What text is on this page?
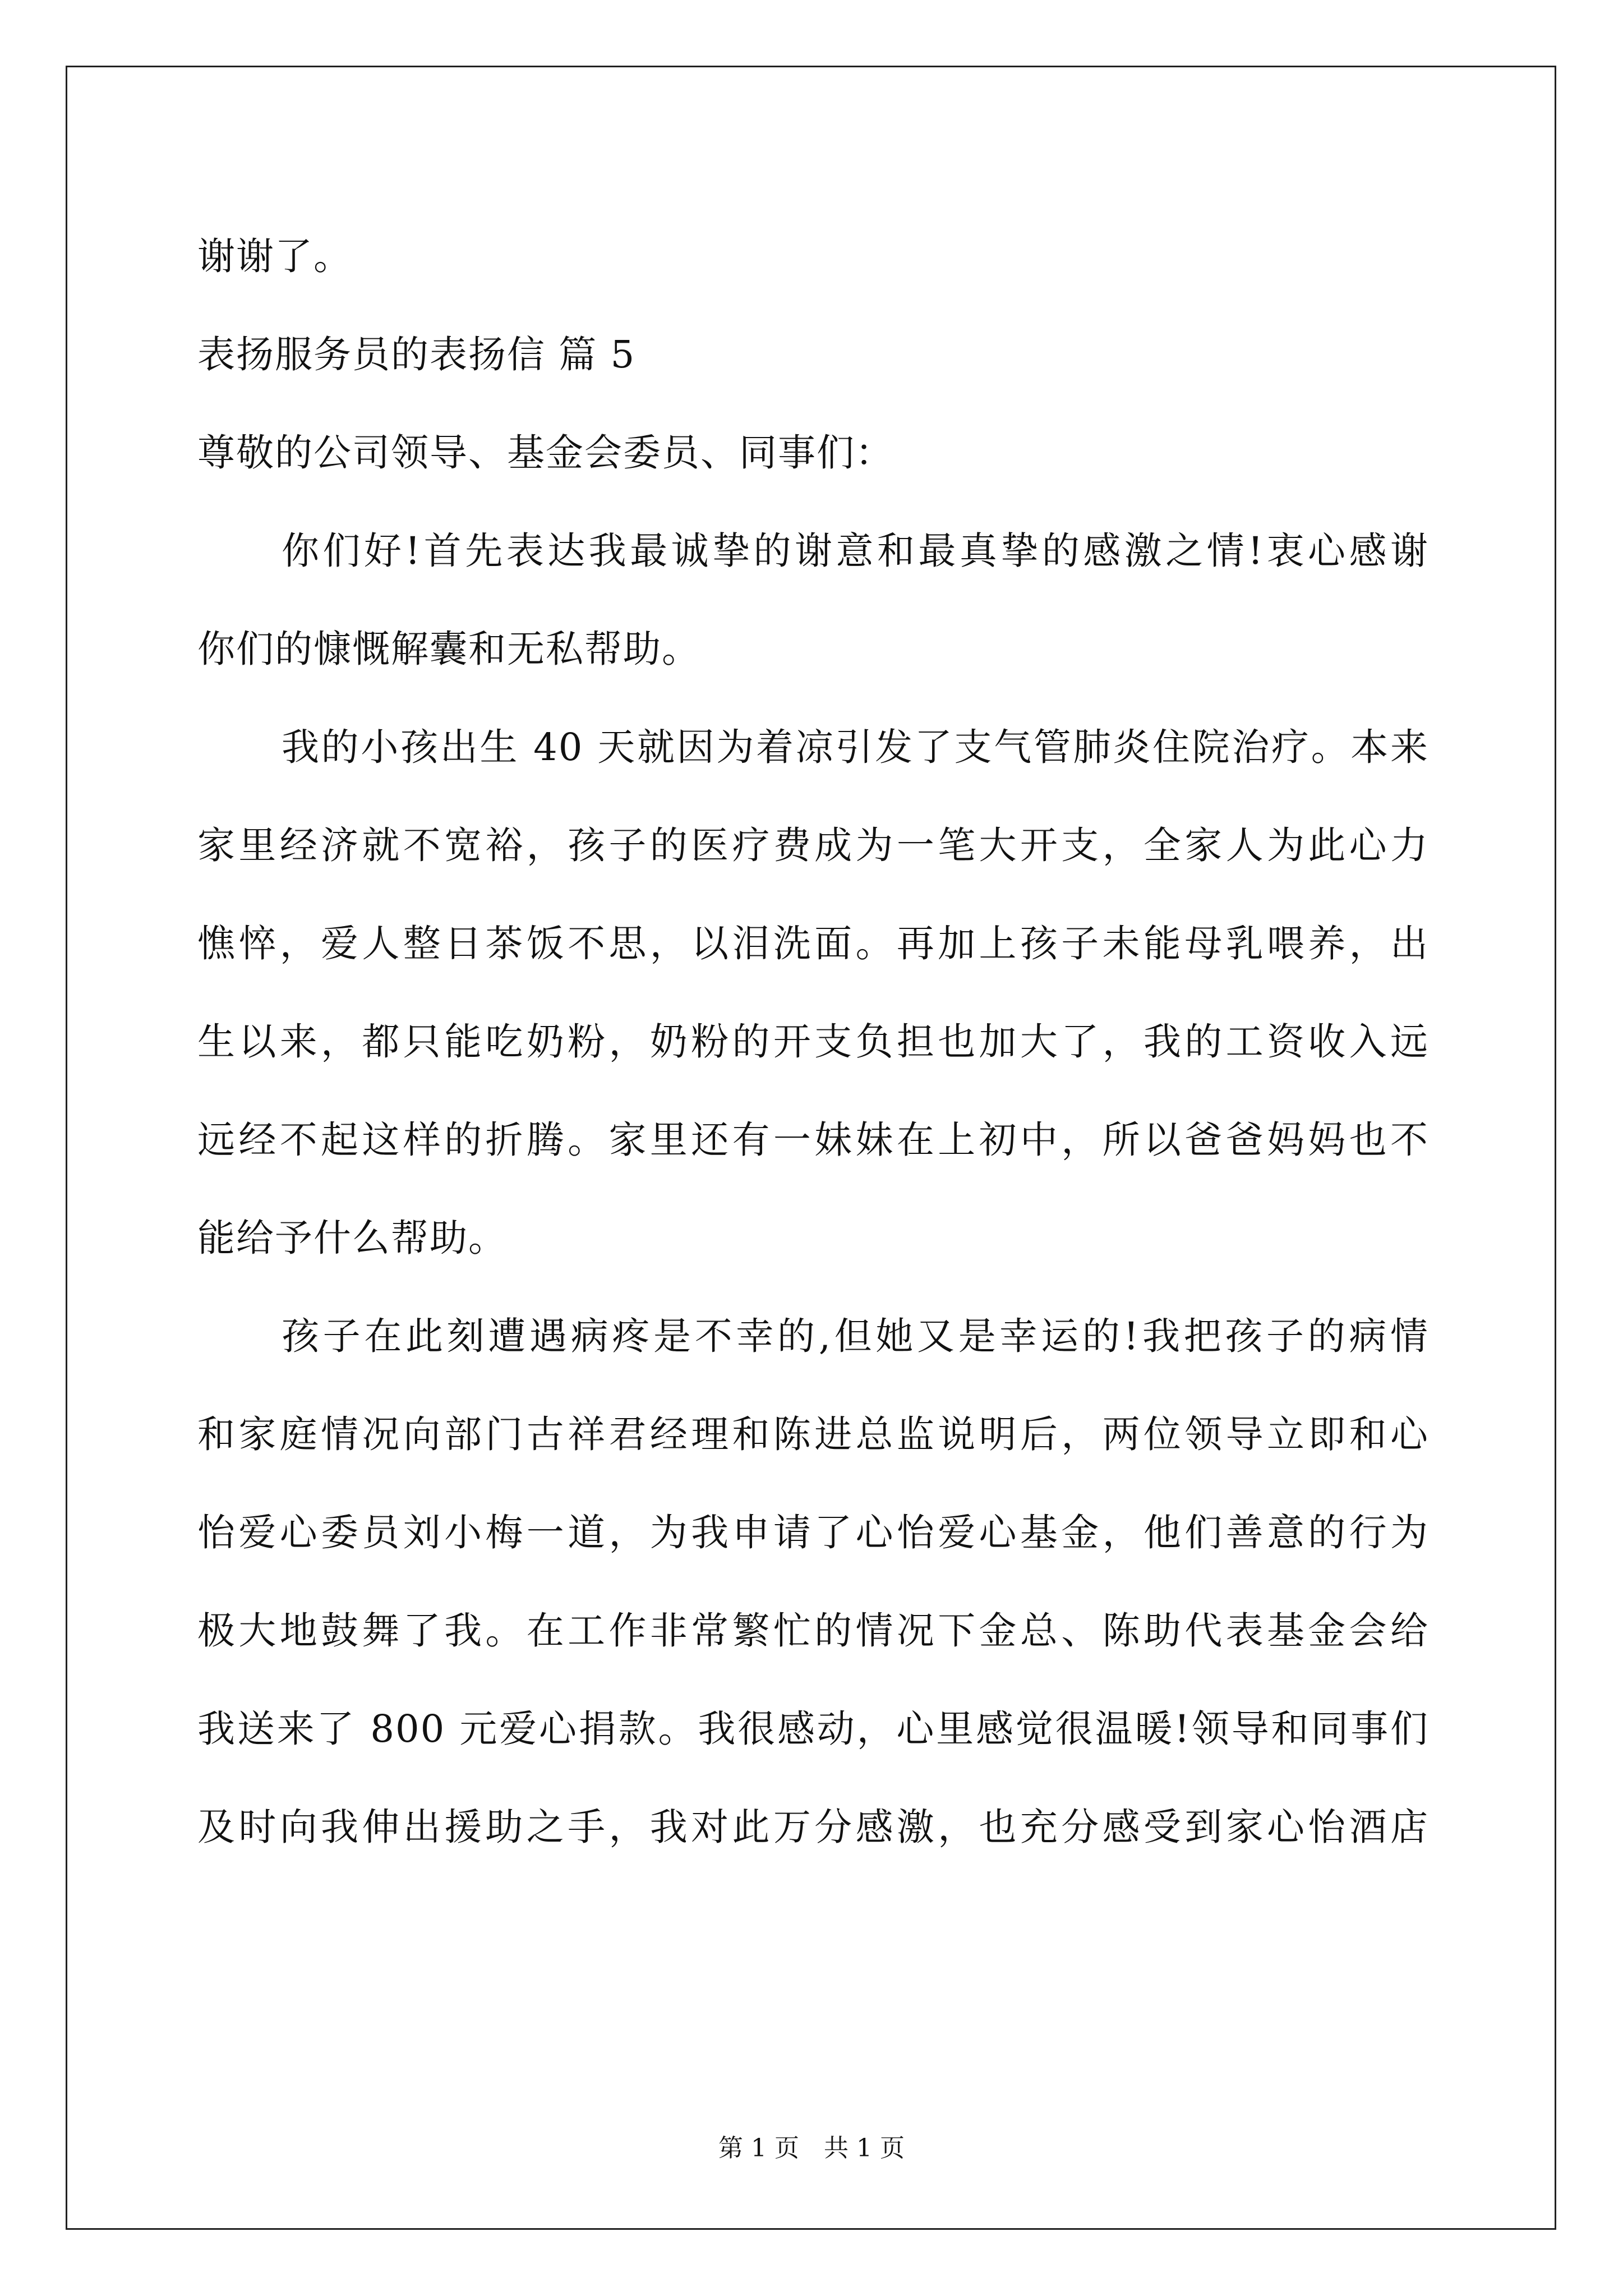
谢谢了。
表扬服务员的表扬信 篇 5
尊敬的公司领导、基金会委员、同事们：
你们好!首先表达我最诚挚的谢意和最真挚的感激之情!衷心感谢
你们的慷慨解囊和无私帮助。
我的小孩出生 40 天就因为着凉引发了支气管肺炎住院治疗。本来
家里经济就不宽裕，孩子的医疗费成为一笔大开支，全家人为此心力
憔悴，爱人整日茶饭不思，以泪洗面。再加上孩子未能母乳喂养，出
生以来，都只能吃奶粉，奶粉的开支负担也加大了，我的工资收入远
远经不起这样的折腾。家里还有一妹妹在上初中，所以爸爸妈妈也不
能给予什么帮助。
孩子在此刻遭遇病疼是不幸的,但她又是幸运的!我把孩子的病情
和家庭情况向部门古祥君经理和陈进总监说明后，两位领导立即和心
怡爱心委员刘小梅一道，为我申请了心怡爱心基金，他们善意的行为
极大地鼓舞了我。在工作非常繁忙的情况下金总、陈助代表基金会给
我送来了 800 元爱心捐款。我很感动，心里感觉很温暖!领导和同事们
及时向我伸出援助之手，我对此万分感激，也充分感受到家心怡酒店
第 1 页　共 1 页
